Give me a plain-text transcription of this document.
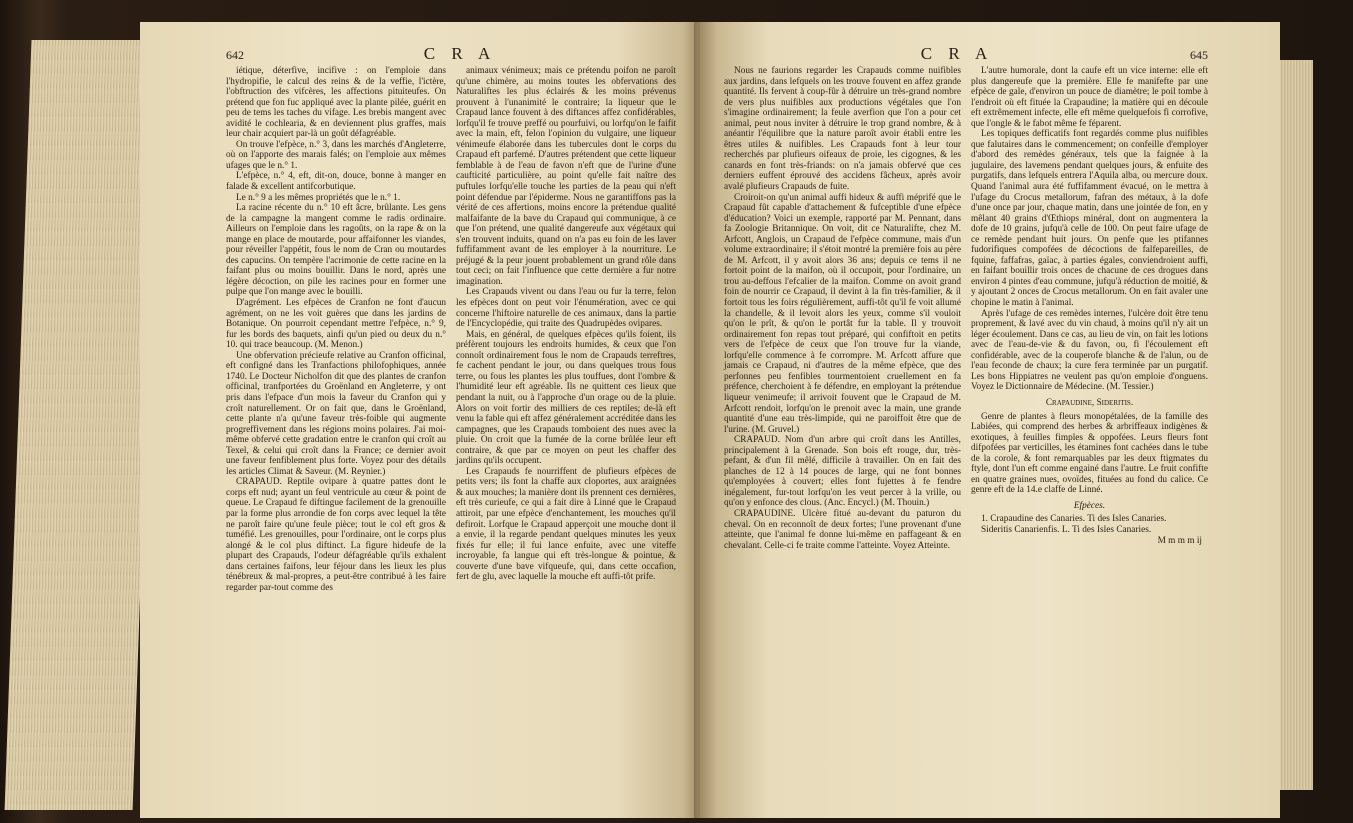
642	C R A

iétique, déterfive, incifive : on l'emploie dans l'hydropifie, le calcul des reins & de la veffie, l'ictère, l'obftruction des vifcères, les affections pituiteufes. On prétend que fon fuc appliqué avec la plante pilée, guérit en peu de tems les taches du vifage. Les brebis mangent avec avidité le cochlearia, & en deviennent plus graffes, mais leur chair acquiert par-là un goût défagréable.

On trouve l'efpèce, n.° 3, dans les marchés d'Angleterre, où on l'apporte des marais falés; on l'emploie aux mêmes ufages que le n.° 1.

L'efpèce, n.° 4, eft, dit-on, douce, bonne à manger en falade & excellent antifcorbutique.

Le n.° 9 a les mêmes propriétés que le n.° 1.

La racine récente du n.° 10 eft âcre, brûlante. Les gens de la campagne la mangent comme le radis ordinaire. Ailleurs on l'emploie dans les ragoûts, on la rape & on la mange en place de moutarde, pour affaifonner les viandes, pour réveiller l'appétit, fous le nom de Cran ou moutardes des capucins. On tempère l'acrimonie de cette racine en la faifant plus ou moins bouillir. Dans le nord, après une légère décoction, on pile les racines pour en former une pulpe que l'on mange avec le bouilli.

D'agrément. Les efpèces de Cranfon ne font d'aucun agrément, on ne les voit guères que dans les jardins de Botanique. On pourroit cependant mettre l'efpèce, n.° 9, fur les bords des baquets, ainfi qu'un pied ou deux du n.° 10. qui trace beaucoup. (M. Menon.)

Une obfervation précieufe relative au Cranfon officinal, eft configné dans les Tranfactions philofophiques, année 1740. Le Docteur Nicholfon dit que des plantes de cranfon officinal, tranfportées du Groënland en Angleterre, y ont pris dans l'efpace d'un mois la faveur du Cranfon qui y croît naturellement. Or on fait que, dans le Groënland, cette plante n'a qu'une faveur très-foible qui augmente progreffivement dans les régions moins polaires. J'ai moi-même obfervé cette gradation entre le cranfon qui croît au Texel, & celui qui croît dans la France; ce dernier avoit une faveur fenfiblement plus forte. Voyez pour des détails les articles Climat & Saveur. (M. Reynier.)

CRAPAUD. Reptile ovipare à quatre pattes dont le corps eft nud; ayant un feul ventricule au cœur & point de queue. Le Crapaud fe diftingue facilement de la grenouille par la forme plus arrondie de fon corps avec lequel la tête ne paroît faire qu'une feule pièce; tout le col eft gros & tuméfié. Les grenouilles, pour l'ordinaire, ont le corps plus alongé & le col plus diftinct. La figure hideufe de la plupart des Crapauds, l'odeur défagréable qu'ils exhalent dans certaines faifons, leur féjour dans les lieux les plus ténébreux & mal-propres, a peut-être contribué à les faire regarder par-tout comme des

animaux vénimeux; mais ce prétendu poifon ne paroît qu'une chimère, au moins toutes les obfervations des Naturaliftes les plus éclairés & les moins prévenus prouvent à l'unanimité le contraire; la liqueur que le Crapaud lance fouvent à des diftances affez confidérables, lorfqu'il fe trouve preffé ou pourfuivi, ou lorfqu'on le faifit avec la main, eft, felon l'opinion du vulgaire, une liqueur vénimeufe élaborée dans les tubercules dont le corps du Crapaud eft parfemé. D'autres prétendent que cette liqueur femblable à de l'eau de favon n'eft que de l'urine d'une caufticité particulière, au point qu'elle fait naître des puftules lorfqu'elle touche les parties de la peau qui n'eft point défendue par l'épiderme. Nous ne garantiffons pas la vérité de ces affertions, moins encore la prétendue qualité malfaifante de la bave du Crapaud qui communique, à ce que l'on prétend, une qualité dangereufe aux végétaux qui s'en trouvent induits, quand on n'a pas eu foin de les laver fuffifamment avant de les employer à la nourriture. Le préjugé & la peur jouent probablement un grand rôle dans tout ceci; on fait l'influence que cette dernière a fur notre imagination.

Les Crapauds vivent ou dans l'eau ou fur la terre, felon les efpèces dont on peut voir l'énumération, avec ce qui concerne l'hiftoire naturelle de ces animaux, dans la partie de l'Encyclopédie, qui traite des Quadrupèdes ovipares.

Mais, en général, de quelques efpèces qu'ils foient, ils préfèrent toujours les endroits humides, & ceux que l'on connoît ordinairement fous le nom de Crapauds terreftres, fe cachent pendant le jour, ou dans quelques trous fous terre, ou fous les plantes les plus touffues, dont l'ombre & l'humidité leur eft agréable. Ils ne quittent ces lieux que pendant la nuit, ou à l'approche d'un orage ou de la pluie. Alors on voit fortir des milliers de ces reptiles; de-là eft venu la fable qui eft affez généralement accréditée dans les campagnes, que les Crapauds tomboient des nues avec la pluie. On croit que la fumée de la corne brûlée leur eft contraire, & que par ce moyen on peut les chaffer des jardins qu'ils occupent.

Les Crapauds fe nourriffent de plufieurs efpèces de petits vers; ils font la chaffe aux cloportes, aux araignées & aux mouches; la manière dont ils prennent ces dernières, eft très curieufe, ce qui a fait dire à Linné que le Crapaud attiroit, par une efpèce d'enchantement, les mouches qu'il defiroit. Lorfque le Crapaud apperçoit une mouche dont il a envie, il la regarde pendant quelques minutes les yeux fixés fur elle; il fui lance enfuite, avec une viteffe incroyable, fa langue qui eft très-longue & pointue, & couverte d'une bave vifqueufe, qui, dans cette occafion, fert de glu, avec laquelle la mouche eft auffi-tôt prife.

C R A	645

Nous ne faurions regarder les Crapauds comme nuifibles aux jardins, dans lefquels on les trouve fouvent en affez grande quantité. Ils fervent à coup-fûr à détruire un très-grand nombre de vers plus nuifibles aux productions végétales que l'on s'imagine ordinairement; la feule averfion que l'on a pour cet animal, peut nous inviter à détruire le trop grand nombre, & à anéantir l'équilibre que la nature paroît avoir établi entre les êtres utiles & nuifibles. Les Crapauds font à leur tour recherchés par plufieurs oifeaux de proie, les cigognes, & les canards en font très-friands: on n'a jamais obfervé que ces derniers euffent éprouvé des accidens fâcheux, après avoir avalé plufieurs Crapauds de fuite.

Croiroit-on qu'un animal auffi hideux & auffi méprifé que le Crapaud fût capable d'attachement & fufceptible d'une efpèce d'éducation? Voici un exemple, rapporté par M. Pennant, dans fa Zoologie Britannique. On voit, dit ce Naturalifte, chez M. Arfcott, Anglois, un Crapaud de l'efpèce commune, mais d'un volume extraordinaire; il s'étoit montré la première fois au père de M. Arfcott, il y avoit alors 36 ans; depuis ce tems il ne fortoit point de la maifon, où il occupoit, pour l'ordinaire, un trou au-deffous l'efcalier de la maifon. Comme on avoit grand foin de nourrir ce Crapaud, il devint à la fin très-familier, & il fortoit tous les foirs régulièrement, auffi-tôt qu'il fe voit allumé la chandelle, & il levoit alors les yeux, comme s'il vouloit qu'on le prît, & qu'on le portât fur la table. Il y trouvoit ordinairement fon repas tout préparé, qui confiftoit en petits vers de l'efpèce de ceux que l'on trouve fur la viande, lorfqu'elle commence à fe corrompre. M. Arfcott affure que jamais ce Crapaud, ni d'autres de la même efpèce, que des perfonnes peu fenfibles tourmentoient cruellement en fa préfence, cherchoient à fe défendre, en employant la prétendue liqueur venimeufe; il arrivoit fouvent que le Crapaud de M. Arfcott rendoit, lorfqu'on le prenoit avec la main, une grande quantité d'une eau très-limpide, qui ne paroiffoit être que de l'urine. (M. Gruvel.)

CRAPAUD. Nom d'un arbre qui croît dans les Antilles, principalement à la Grenade. Son bois eft rouge, dur, très-pefant, & d'un fil mêlé, difficile à travailler. On en fait des planches de 12 à 14 pouces de large, qui ne font bonnes qu'employées à couvert; elles font fujettes à fe fendre inégalement, fur-tout lorfqu'on les veut percer à la vrille, ou qu'on y enfonce des clous. (Anc. Encycl.) (M. Thouin.)

CRAPAUDINE. Ulcère fitué au-devant du paturon du cheval. On en reconnoît de deux fortes; l'une provenant d'une atteinte, que l'animal fe donne lui-même en paffageant & en chevalant. Celle-ci fe traite comme l'atteinte. Voyez Atteinte.

L'autre humorale, dont la caufe eft un vice interne: elle eft plus dangereufe que la première. Elle fe manifefte par une efpèce de gale, d'environ un pouce de diamètre; le poil tombe à l'endroit où eft fituée la Crapaudine; la matière qui en découle eft extrêmement infecte, elle eft même quelquefois fi corrofive, que l'ongle & le fabot même fe féparent.

Les topiques defficatifs font regardés comme plus nuifibles que falutaires dans le commencement; on confeille d'employer d'abord des remèdes généraux, tels que la faignée à la jugulaire, des lavemens pendant quelques jours, & enfuite des purgatifs, dans lefquels entrera l'Aquila alba, ou mercure doux. Quand l'animal aura été fuffifamment évacué, on le mettra à l'ufage du Crocus metallorum, fafran des métaux, à la dofe d'une once par jour, chaque matin, dans une jointée de fon, en y mêlant 40 grains d'Œthiops minéral, dont on augmentera la dofe de 10 grains, jufqu'à celle de 100. On peut faire ufage de ce remède pendant huit jours. On penfe que les ptifannes fudorifiques compofées de décoctions de falfepareilles, de fquine, faffafras, gaïac, à parties égales, conviendroient auffi, en faifant bouillir trois onces de chacune de ces drogues dans environ 4 pintes d'eau commune, jufqu'à réduction de moitié, & y ajoutant 2 onces de Crocus metallorum. On en fait avaler une chopine le matin à l'animal.

Après l'ufage de ces remèdes internes, l'ulcère doit être tenu proprement, & lavé avec du vin chaud, à moins qu'il n'y ait un léger écoulement. Dans ce cas, au lieu de vin, on fait les lotions avec de l'eau-de-vie & du favon, ou, fi l'écoulement eft confidérable, avec de la couperofe blanche & de l'alun, ou de l'eau feconde de chaux; la cure fera terminée par un purgatif. Les bons Hippiatres ne veulent pas qu'on emploie d'onguens. Voyez le Dictionnaire de Médecine. (M. Tessier.)

Crapaudine, Sideritis.

Genre de plantes à fleurs monopétalées, de la famille des Labiées, qui comprend des herbes & arbriffeaux indigènes & exotiques, à feuilles fimples & oppofées. Leurs fleurs font difpofées par verticilles, les étamines font cachées dans le tube de la corole, & font remarquables par les deux ftigmates du ftyle, dont l'un eft comme engainé dans l'autre. Le fruit confifte en quatre graines nues, ovoïdes, fituées au fond du calice. Ce genre eft de la 14.e claffe de Linné.

Efpèces.

1. Crapaudine des Canaries. Ti des Isles Canaries.

Sideritis Canarienfis. L. Ti des Isles Canaries.

M m m m ij
